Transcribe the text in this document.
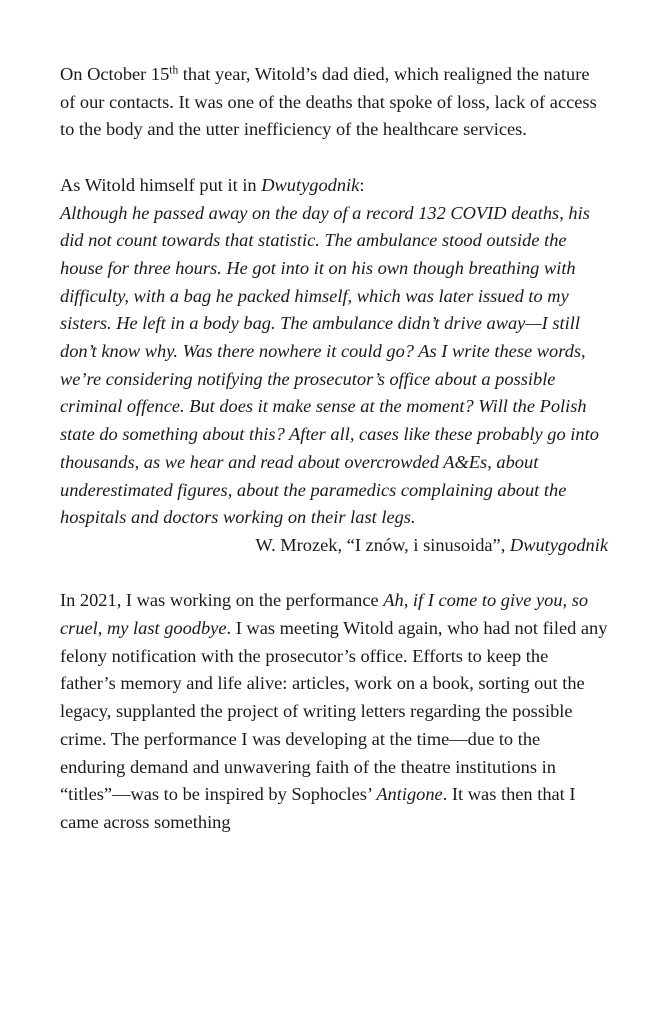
On October 15th that year, Witold’s dad died, which realigned the nature of our contacts. It was one of the deaths that spoke of loss, lack of access to the body and the utter inefficiency of the healthcare services.

As Witold himself put it in Dwutygodnik:

Although he passed away on the day of a record 132 COVID deaths, his did not count towards that statistic. The ambulance stood outside the house for three hours. He got into it on his own though breathing with difficulty, with a bag he packed himself, which was later issued to my sisters. He left in a body bag. The ambulance didn’t drive away—I still don’t know why. Was there nowhere it could go? As I write these words, we’re considering notifying the prosecutor’s office about a possible criminal offence. But does it make sense at the moment? Will the Polish state do something about this? After all, cases like these probably go into thousands, as we hear and read about overcrowded A&Es, about underestimated figures, about the paramedics complaining about the hospitals and doctors working on their last legs.

W. Mrozek, “I znów, i sinusoida”, Dwutygodnik

In 2021, I was working on the performance Ah, if I come to give you, so cruel, my last goodbye. I was meeting Witold again, who had not filed any felony notification with the prosecutor’s office. Efforts to keep the father’s memory and life alive: articles, work on a book, sorting out the legacy, supplanted the project of writing letters regarding the possible crime. The performance I was developing at the time—due to the enduring demand and unwavering faith of the theatre institutions in “titles”—was to be inspired by Sophocles’ Antigone. It was then that I came across something
